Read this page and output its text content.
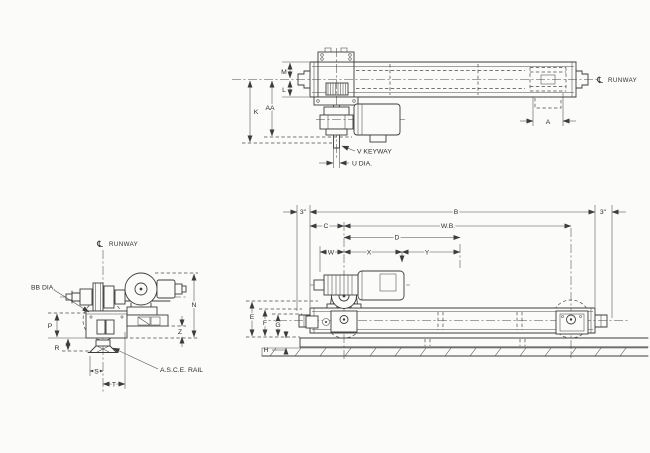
M
L
AA
K
A
V KEYWAY
U DIA.
℄ RUNWAY
P
R
N
Z
S
T
BB DIA.
A.S.C.E. RAIL
℄ RUNWAY
3"	B	3"
C	W.B.
D
W	X	Y
E
F G
H
